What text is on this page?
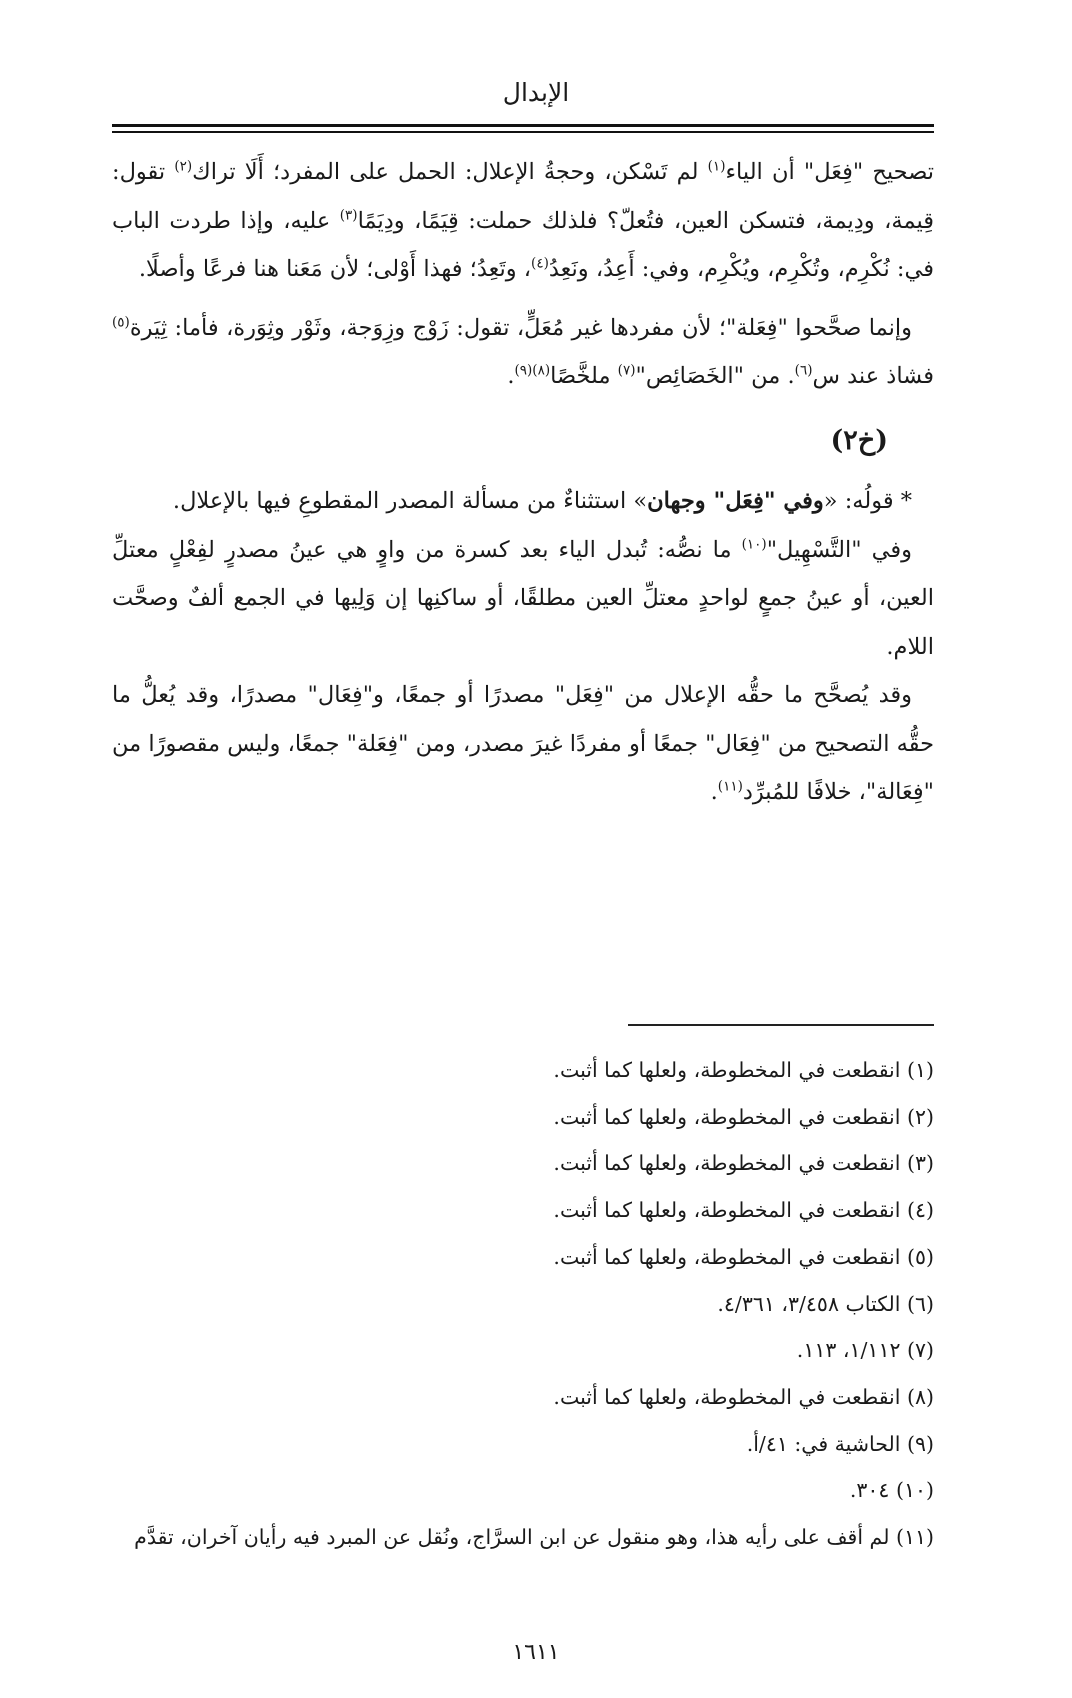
الإبدال

تصحيح "فِعَل" أن الياء$^{(١)}$ لم تَسْكن، وحجةُ الإعلال: الحمل على المفرد؛ أَلَا تراك$^{(٢)}$ تقول: قِيمة، ودِيمة، فتسكن العين، فتُعلّ؟ فلذلك حملت: قِيَمًا، ودِيَمًا$^{(٣)}$ عليه، وإذا طردت الباب في: نُكْرِم، وتُكْرِم، ويُكْرِم، وفي: أَعِدُ، ونَعِدُ$^{(٤)}$، وتَعِدُ؛ فهذا أَوْلى؛ لأن مَعَنا هنا فرعًا وأصلًا.

وإنما صحَّحوا "فِعَلة"؛ لأن مفردها غير مُعَلٍّ، تقول: زَوْج وزِوَجة، وثَوْر وثِوَرة، فأما: ثِيَرة$^{(٥)}$ فشاذ عند س$^{(٦)}$. من "الخَصَائِص"$^{(٧)}$ ملخَّصًا$^{(٨)(٩)}$.

(خ٢)

* قولُه: «وفي "فِعَل" وجهان» استثناءٌ من مسألة المصدر المقطوعِ فيها بالإعلال.

وفي "التَّسْهِيل"$^{(١٠)}$ ما نصُّه: تُبدل الياء بعد كسرة من واوٍ هي عينُ مصدرٍ لفِعْلٍ معتلِّ العين، أو عينُ جمعٍ لواحدٍ معتلِّ العين مطلقًا، أو ساكنِها إن وَلِيها في الجمع ألفٌ وصحَّت اللام.

وقد يُصحَّح ما حقُّه الإعلال من "فِعَل" مصدرًا أو جمعًا، و"فِعَال" مصدرًا، وقد يُعلُّ ما حقُّه التصحيح من "فِعَال" جمعًا أو مفردًا غيرَ مصدر، ومن "فِعَلة" جمعًا، وليس مقصورًا من "فِعَالة"، خلافًا للمُبرِّد$^{(١١)}$.

(١) انقطعت في المخطوطة، ولعلها كما أثبت.
(٢) انقطعت في المخطوطة، ولعلها كما أثبت.
(٣) انقطعت في المخطوطة، ولعلها كما أثبت.
(٤) انقطعت في المخطوطة، ولعلها كما أثبت.
(٥) انقطعت في المخطوطة، ولعلها كما أثبت.
(٦) الكتاب ٣/٤٥٨، ٤/٣٦١.
(٧) ١/١١٢، ١١٣.
(٨) انقطعت في المخطوطة، ولعلها كما أثبت.
(٩) الحاشية في: ٤١/أ.
(١٠) ٣٠٤.
(١١) لم أقف على رأيه هذا، وهو منقول عن ابن السرَّاج، ونُقل عن المبرد فيه رأيان آخران، تقدَّم
١٦١١
